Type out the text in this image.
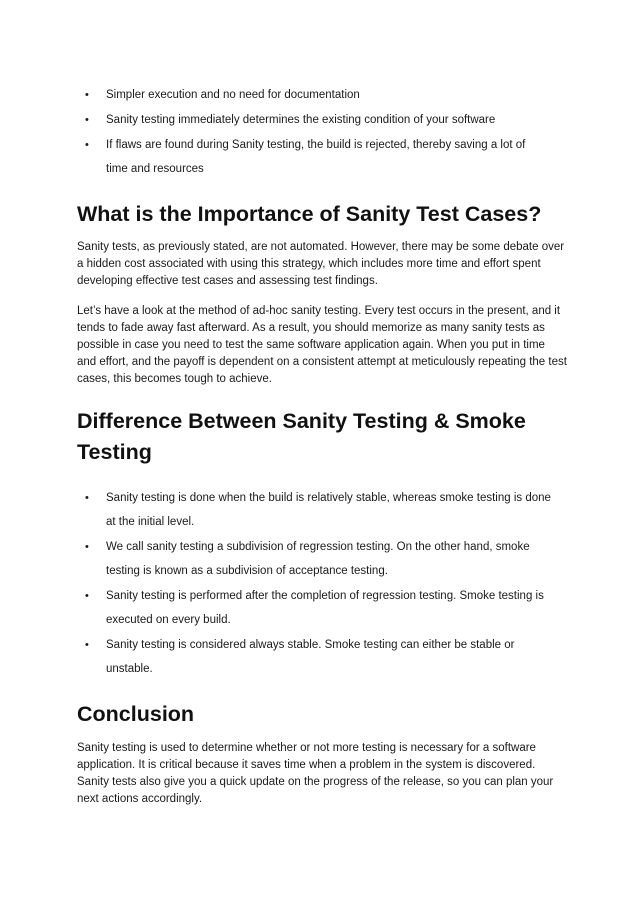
• Simpler execution and no need for documentation
• Sanity testing immediately determines the existing condition of your software
• If flaws are found during Sanity testing, the build is rejected, thereby saving a lot of
time and resources
What is the Importance of Sanity Test Cases?

Sanity tests, as previously stated, are not automated. However, there may be some debate over a hidden cost associated with using this strategy, which includes more time and effort spent developing effective test cases and assessing test findings.

Let’s have a look at the method of ad-hoc sanity testing. Every test occurs in the present, and it tends to fade away fast afterward. As a result, you should memorize as many sanity tests as possible in case you need to test the same software application again. When you put in time and effort, and the payoff is dependent on a consistent attempt at meticulously repeating the test cases, this becomes tough to achieve.

Difference Between Sanity Testing & Smoke Testing
• Sanity testing is done when the build is relatively stable, whereas smoke testing is done
at the initial level.
• We call sanity testing a subdivision of regression testing. On the other hand, smoke
testing is known as a subdivision of acceptance testing.
• Sanity testing is performed after the completion of regression testing. Smoke testing is
executed on every build.
• Sanity testing is considered always stable. Smoke testing can either be stable or
unstable.
Conclusion

Sanity testing is used to determine whether or not more testing is necessary for a software application. It is critical because it saves time when a problem in the system is discovered. Sanity tests also give you a quick update on the progress of the release, so you can plan your next actions accordingly.
